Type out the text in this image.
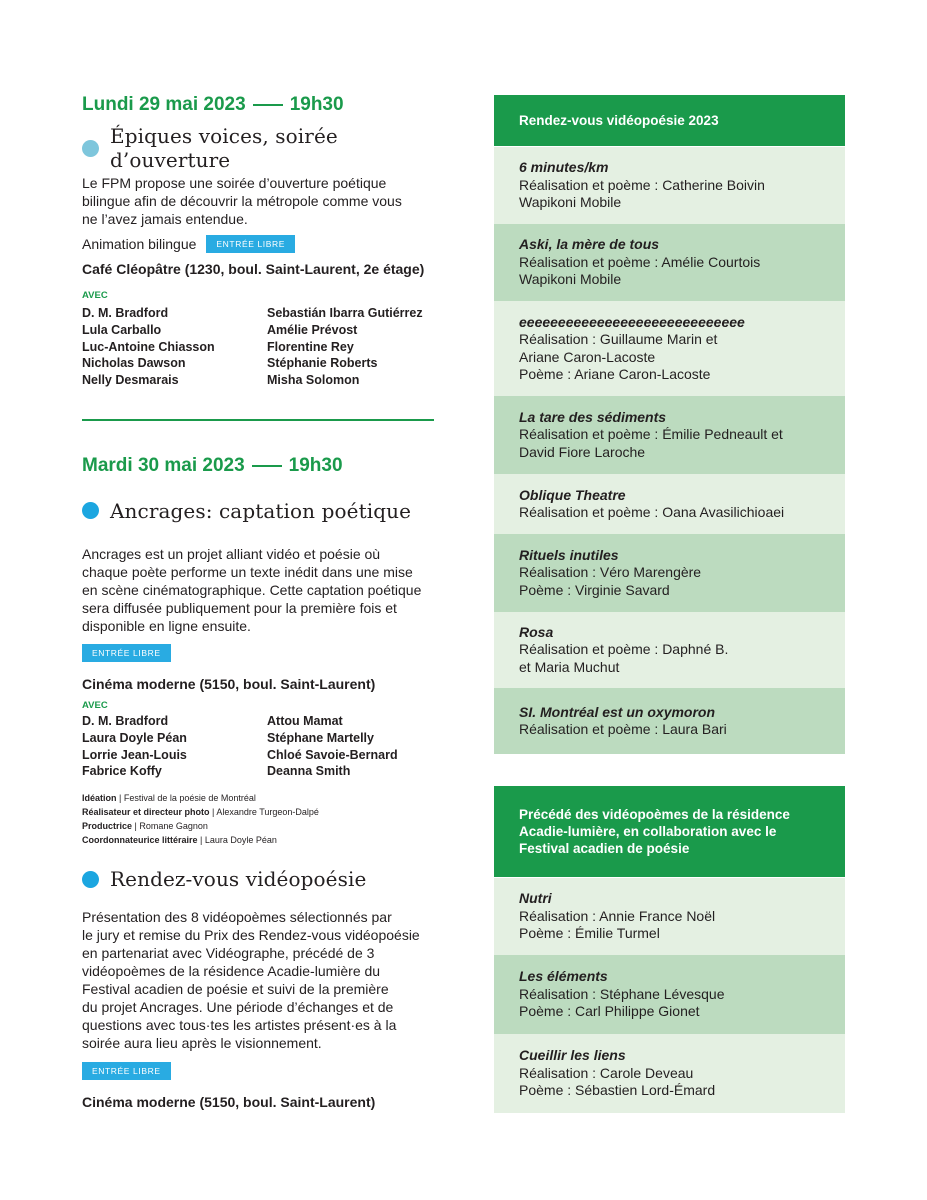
Lundi 29 mai 2023 19h30
Épiques voices, soirée d’ouverture

Le FPM propose une soirée d’ouverture poétique

bilingue afin de découvrir la métropole comme vous

ne l’avez jamais entendue.

Animation bilingue	ENTRÉE LIBRE
Café Cléopâtre (1230, boul. Saint-Laurent, 2e étage)
AVEC
D. M. Bradford	Sebastián Ibarra Gutiérrez
Lula Carballo	Amélie Prévost
Luc-Antoine Chiasson	Florentine Rey
Nicholas Dawson	Stéphanie Roberts
Nelly Desmarais	Misha Solomon
Mardi 30 mai 2023 19h30
Ancrages: captation poétique

Ancrages est un projet alliant vidéo et poésie où

chaque poète performe un texte inédit dans une mise

en scène cinématographique. Cette captation poétique

sera diffusée publiquement pour la première fois et

disponible en ligne ensuite.

ENTRÉE LIBRE
Cinéma moderne (5150, boul. Saint-Laurent)
AVEC
D. M. Bradford	Attou Mamat
Laura Doyle Péan	Stéphane Martelly
Lorrie Jean-Louis	Chloé Savoie-Bernard
Fabrice Koffy	Deanna Smith
Idéation | Festival de la poésie de Montréal
Réalisateur et directeur photo | Alexandre Turgeon-Dalpé
Productrice | Romane Gagnon
Coordonnateurice littéraire | Laura Doyle Péan
Rendez-vous vidéopoésie

Présentation des 8 vidéopoèmes sélectionnés par

le jury et remise du Prix des Rendez-vous vidéopoésie

en partenariat avec Vidéographe, précédé de 3

vidéopoèmes de la résidence Acadie-lumière du

Festival acadien de poésie et suivi de la première

du projet Ancrages. Une période d’échanges et de

questions avec tous·tes les artistes présent·es à la

soirée aura lieu après le visionnement.

ENTRÉE LIBRE
Cinéma moderne (5150, boul. Saint-Laurent)
Rendez-vous vidéopoésie 2023
6 minutes/km
Réalisation et poème : Catherine Boivin
Wapikoni Mobile
Aski, la mère de tous
Réalisation et poème : Amélie Courtois
Wapikoni Mobile
eeeeeeeeeeeeeeeeeeeeeeeeeeeee
Réalisation : Guillaume Marin et
Ariane Caron-Lacoste
Poème : Ariane Caron-Lacoste
La tare des sédiments
Réalisation et poème : Émilie Pedneault et
David Fiore Laroche
Oblique Theatre
Réalisation et poème : Oana Avasilichioaei
Rituels inutiles
Réalisation : Véro Marengère
Poème : Virginie Savard
Rosa
Réalisation et poème : Daphné B.
et Maria Muchut
SI. Montréal est un oxymoron
Réalisation et poème : Laura Bari
Précédé des vidéopoèmes de la résidence
Acadie-lumière, en collaboration avec le
Festival acadien de poésie
Nutri
Réalisation : Annie France Noël
Poème : Émilie Turmel
Les éléments
Réalisation : Stéphane Lévesque
Poème : Carl Philippe Gionet
Cueillir les liens
Réalisation : Carole Deveau
Poème : Sébastien Lord-Émard
